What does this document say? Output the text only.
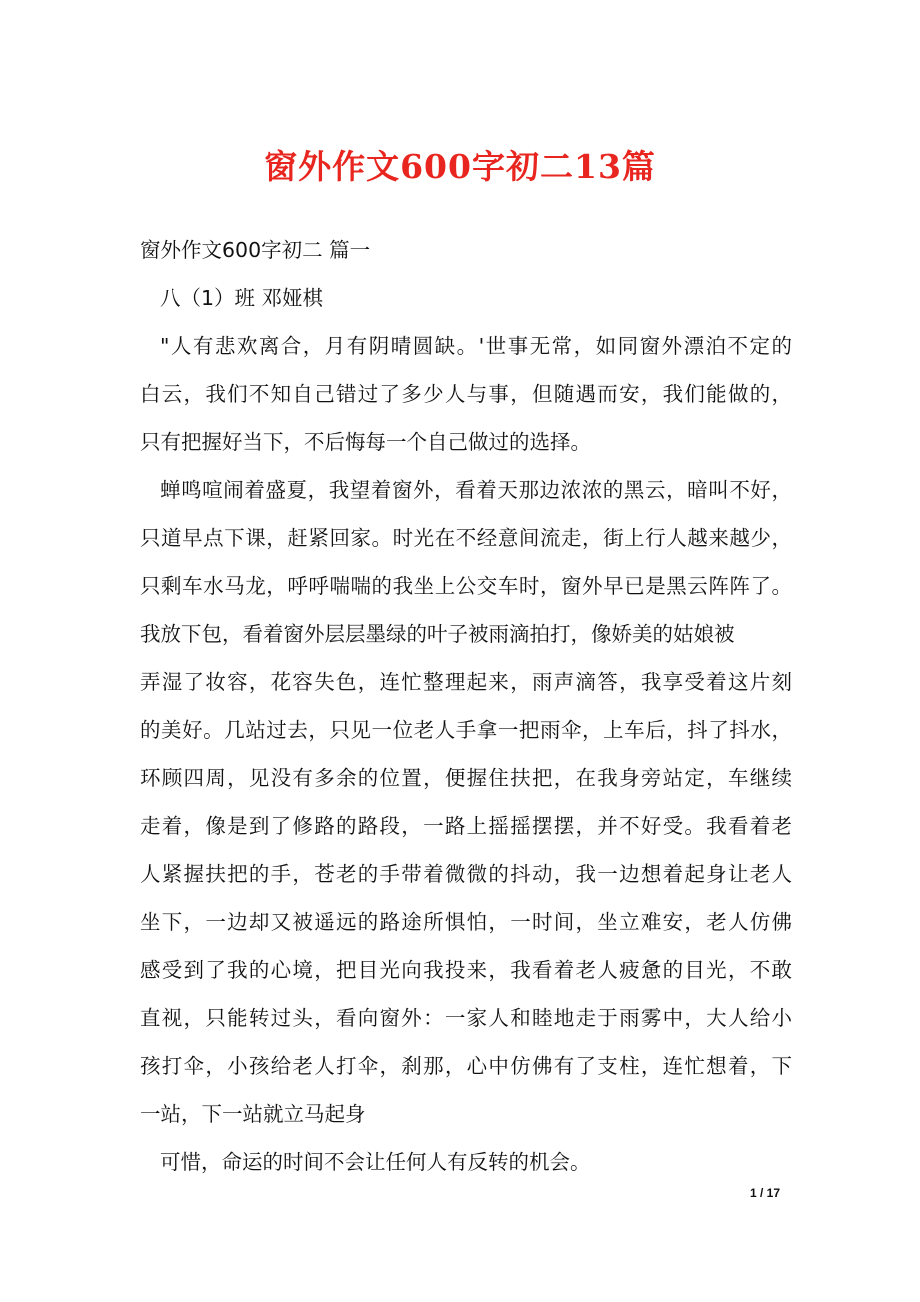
窗外作文600字初二13篇
窗外作文600字初二 篇一
八（1）班 邓娅棋
"人有悲欢离合，月有阴晴圆缺。'世事无常，如同窗外漂泊不定的
白云，我们不知自己错过了多少人与事，但随遇而安，我们能做的，
只有把握好当下，不后悔每一个自己做过的选择。
蝉鸣喧闹着盛夏，我望着窗外，看着天那边浓浓的黑云，暗叫不好，
只道早点下课，赶紧回家。时光在不经意间流走，街上行人越来越少，
只剩车水马龙，呼呼喘喘的我坐上公交车时，窗外早已是黑云阵阵了。
我放下包，看着窗外层层墨绿的叶子被雨滴拍打，像娇美的姑娘被
弄湿了妆容，花容失色，连忙整理起来，雨声滴答，我享受着这片刻
的美好。几站过去，只见一位老人手拿一把雨伞，上车后，抖了抖水，
环顾四周，见没有多余的位置，便握住扶把，在我身旁站定，车继续
走着，像是到了修路的路段，一路上摇摇摆摆，并不好受。我看着老
人紧握扶把的手，苍老的手带着微微的抖动，我一边想着起身让老人
坐下，一边却又被遥远的路途所惧怕，一时间，坐立难安，老人仿佛
感受到了我的心境，把目光向我投来，我看着老人疲惫的目光，不敢
直视，只能转过头，看向窗外：一家人和睦地走于雨雾中，大人给小
孩打伞，小孩给老人打伞，刹那，心中仿佛有了支柱，连忙想着，下
一站，下一站就立马起身
可惜，命运的时间不会让任何人有反转的机会。
1 / 17
